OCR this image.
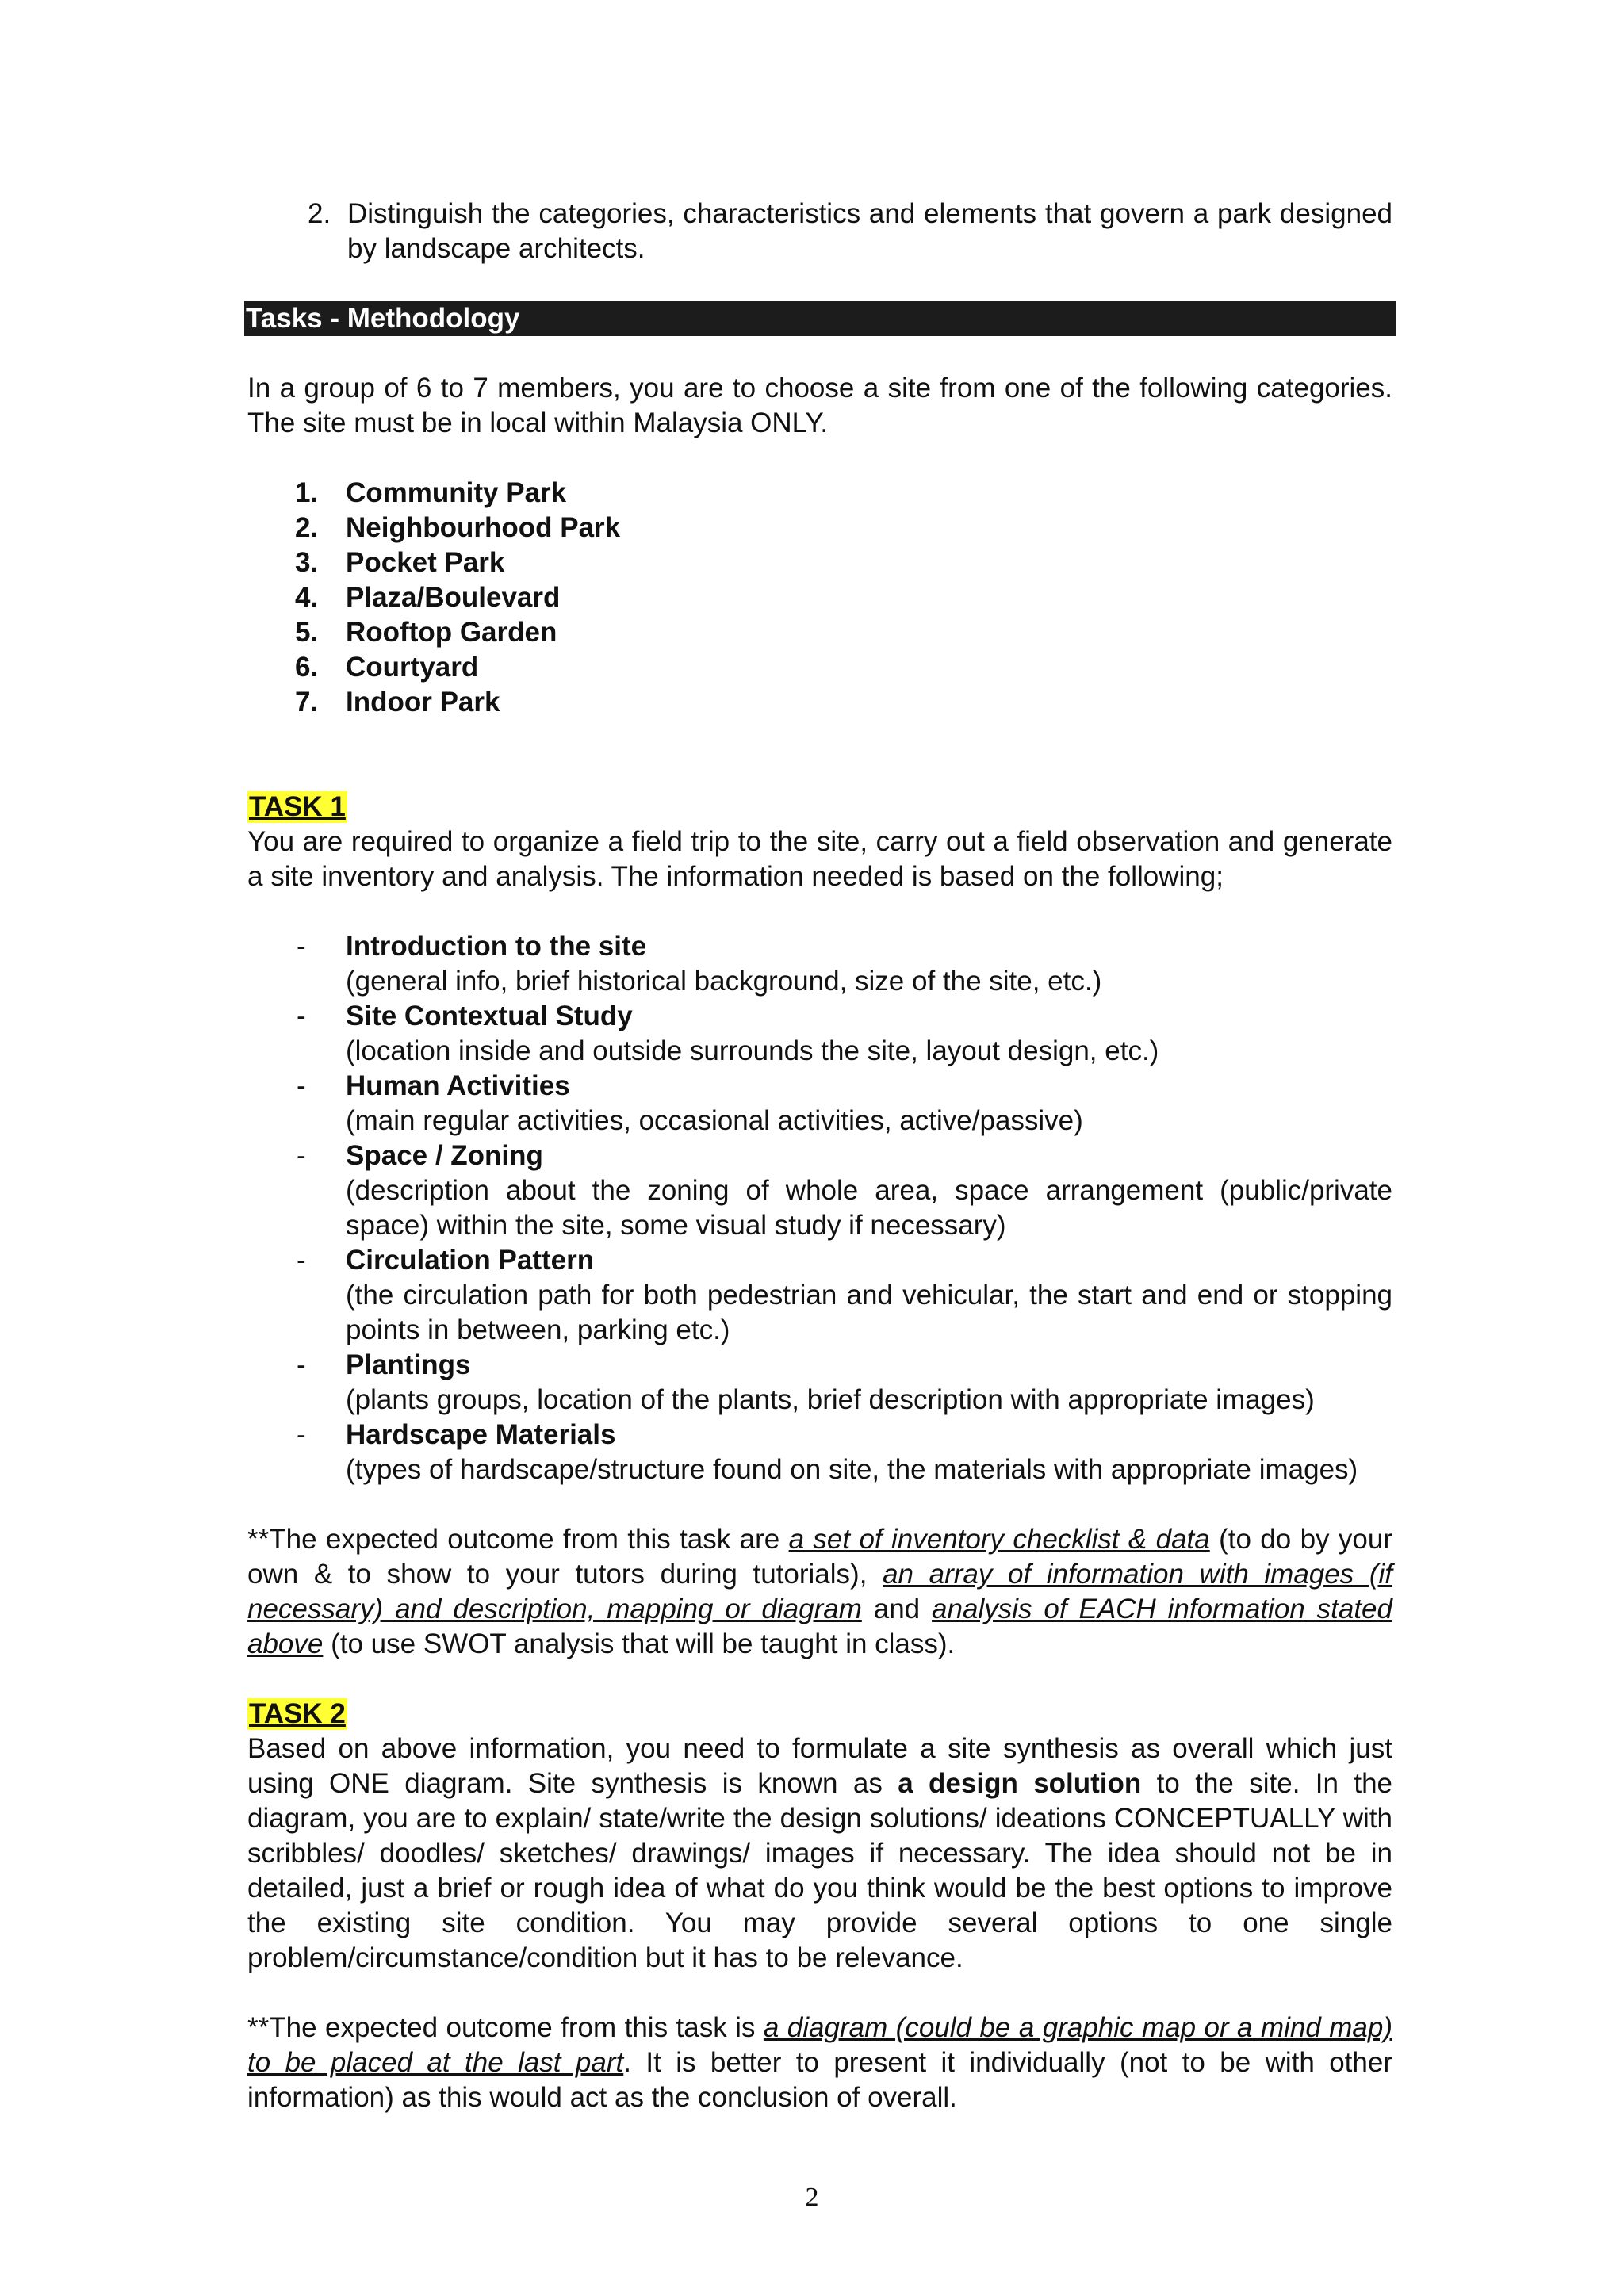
2. Distinguish the categories, characteristics and elements that govern a park designed by landscape architects.

Tasks - Methodology

In a group of 6 to 7 members, you are to choose a site from one of the following categories. The site must be in local within Malaysia ONLY.

1. Community Park
2. Neighbourhood Park
3. Pocket Park
4. Plaza/Boulevard
5. Rooftop Garden
6. Courtyard
7. Indoor Park
TASK 1

You are required to organize a field trip to the site, carry out a field observation and generate a site inventory and analysis. The information needed is based on the following;

-	Introduction to the site
(general info, brief historical background, size of the site, etc.)
-	Site Contextual Study
(location inside and outside surrounds the site, layout design, etc.)
-	Human Activities
(main regular activities, occasional activities, active/passive)
-	Space / Zoning
(description about the zoning of whole area, space arrangement (public/private space) within the site, some visual study if necessary)
-	Circulation Pattern
(the circulation path for both pedestrian and vehicular, the start and end or stopping points in between, parking etc.)
-	Plantings
(plants groups, location of the plants, brief description with appropriate images)
-	Hardscape Materials
(types of hardscape/structure found on site, the materials with appropriate images)

**The expected outcome from this task are a set of inventory checklist & data (to do by your own & to show to your tutors during tutorials), an array of information with images (if necessary) and description, mapping or diagram and analysis of EACH information stated above (to use SWOT analysis that will be taught in class).

TASK 2

Based on above information, you need to formulate a site synthesis as overall which just using ONE diagram. Site synthesis is known as a design solution to the site. In the diagram, you are to explain/ state/write the design solutions/ ideations CONCEPTUALLY with scribbles/ doodles/ sketches/ drawings/ images if necessary. The idea should not be in detailed, just a brief or rough idea of what do you think would be the best options to improve the existing site condition. You may provide several options to one single problem/circumstance/condition but it has to be relevance.

**The expected outcome from this task is a diagram (could be a graphic map or a mind map) to be placed at the last part. It is better to present it individually (not to be with other information) as this would act as the conclusion of overall.

2
